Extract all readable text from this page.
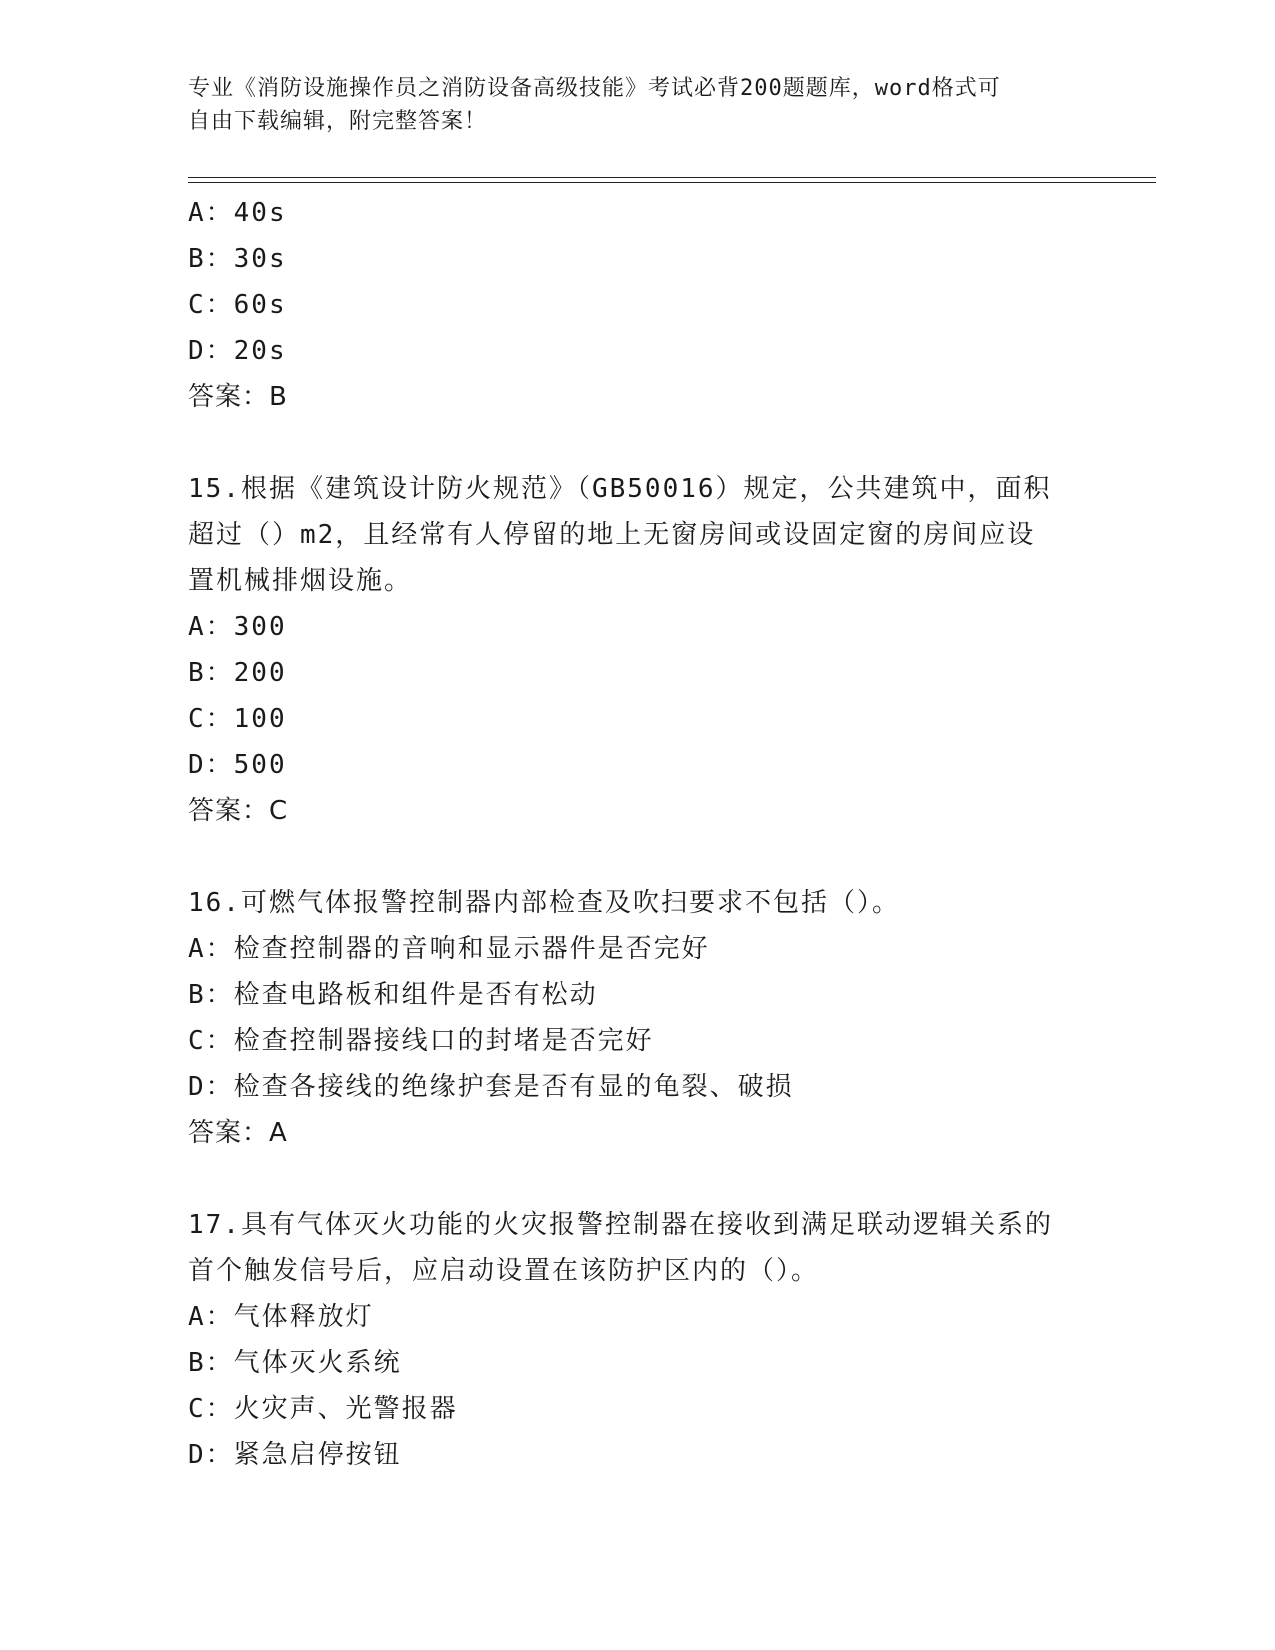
专业《消防设施操作员之消防设备高级技能》考试必背200题题库，word格式可
自由下载编辑，附完整答案！
A：40s
B：30s
C：60s
D：20s
答案：B
15.根据《建筑设计防火规范》（GB50016）规定，公共建筑中，面积
超过（）m2，且经常有人停留的地上无窗房间或设固定窗的房间应设
置机械排烟设施。
A：300
B：200
C：100
D：500
答案：C
16.可燃气体报警控制器内部检查及吹扫要求不包括（）。
A：检查控制器的音响和显示器件是否完好
B：检查电路板和组件是否有松动
C：检查控制器接线口的封堵是否完好
D：检查各接线的绝缘护套是否有显的龟裂、破损
答案：A
17.具有气体灭火功能的火灾报警控制器在接收到满足联动逻辑关系的
首个触发信号后，应启动设置在该防护区内的（）。
A：气体释放灯
B：气体灭火系统
C：火灾声、光警报器
D：紧急启停按钮
